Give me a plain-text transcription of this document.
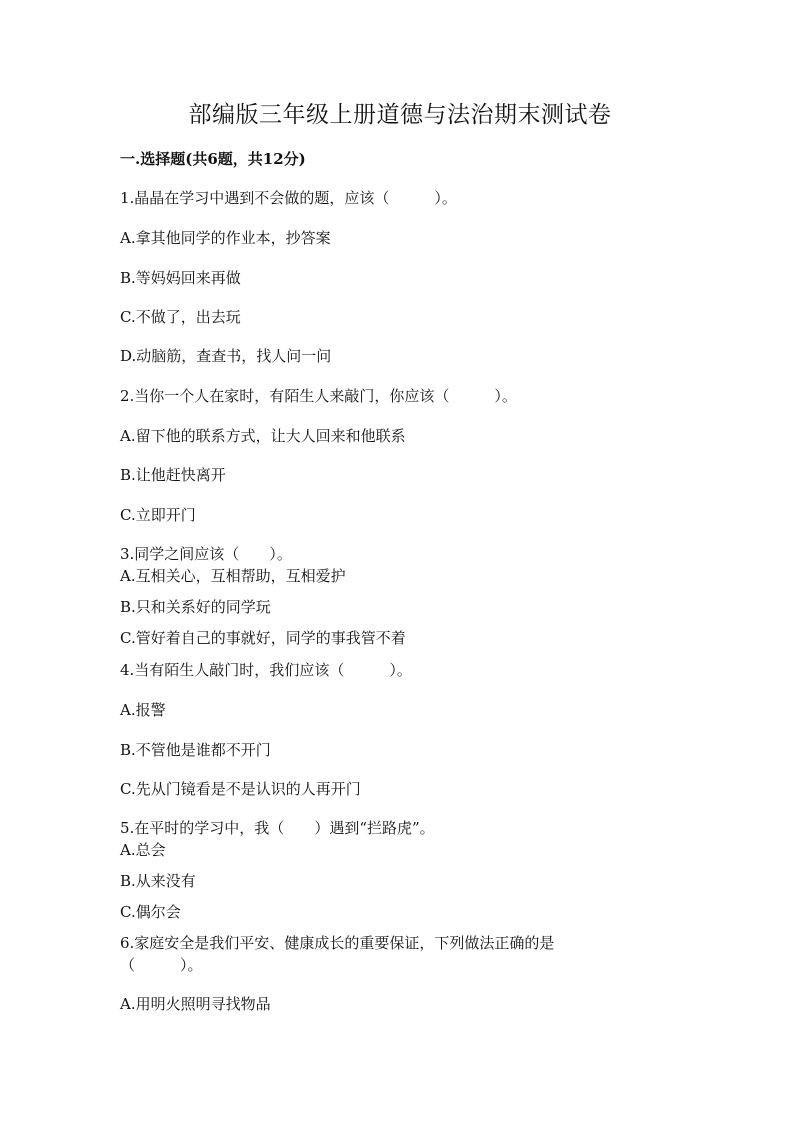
部编版三年级上册道德与法治期末测试卷
一.选择题(共6题，共12分)
1.晶晶在学习中遇到不会做的题，应该（　　　）。
A.拿其他同学的作业本，抄答案
B.等妈妈回来再做
C.不做了，出去玩
D.动脑筋，查查书，找人问一问
2.当你一个人在家时，有陌生人来敲门，你应该（　　　）。
A.留下他的联系方式，让大人回来和他联系
B.让他赶快离开
C.立即开门
3.同学之间应该（　　）。
A.互相关心，互相帮助，互相爱护
B.只和关系好的同学玩
C.管好着自己的事就好，同学的事我管不着
4.当有陌生人敲门时，我们应该（　　　）。
A.报警
B.不管他是谁都不开门
C.先从门镜看是不是认识的人再开门
5.在平时的学习中，我（　　）遇到“拦路虎”。
A.总会
B.从来没有
C.偶尔会
6.家庭安全是我们平安、健康成长的重要保证，下列做法正确的是
（　　　）。
A.用明火照明寻找物品
